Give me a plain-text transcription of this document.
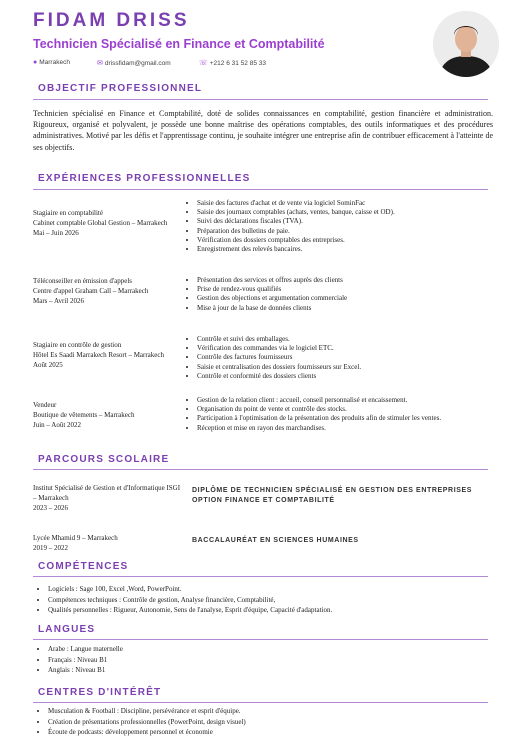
FIDAM DRISS
Technicien Spécialisé en Finance et Comptabilité
● Marrakech	✉ drissfidam@gmail.com	☏ +212 6 31 52 85 33
OBJECTIF PROFESSIONNEL
Technicien spécialisé en Finance et Comptabilité, doté de solides connaissances en comptabilité, gestion financière et administration. Rigoureux, organisé et polyvalent, je possède une bonne maîtrise des opérations comptables, des outils informatiques et des procédures administratives. Motivé par les défis et l'apprentissage continu, je souhaite intégrer une entreprise afin de contribuer efficacement à l'atteinte de ses objectifs.
EXPÉRIENCES PROFESSIONNELLES
Stagiaire en comptabilité
Cabinet comptable Global Gestion – Marrakech
Mai – Juin 2026
• Saisie des factures d'achat et de vente via logiciel SominFac
• Saisie des journaux comptables (achats, ventes, banque, caisse et OD).
• Suivi des déclarations fiscales (TVA).
• Préparation des bulletins de paie.
• Vérification des dossiers comptables des entreprises.
• Enregistrement des relevés bancaires.
Téléconseiller en émission d'appels
Centre d'appel Graham Call – Marrakech
Mars – Avril 2026
• Présentation des services et offres auprès des clients
• Prise de rendez-vous qualifiés
• Gestion des objections et argumentation commerciale
• Mise à jour de la base de données clients
Stagiaire en contrôle de gestion
Hôtel Es Saadi Marrakech Resort – Marrakech
Août 2025
• Contrôle et suivi des emballages.
• Vérification des commandes via le logiciel ETC.
• Contrôle des factures fournisseurs
• Saisie et centralisation des dossiers fournisseurs sur Excel.
• Contrôle et conformité des dossiers clients
Vendeur
Boutique de vêtements – Marrakech
Juin – Août 2022
• Gestion de la relation client : accueil, conseil personnalisé et encaissement.
• Organisation du point de vente et contrôle des stocks.
• Participation à l'optimisation de la présentation des produits afin de stimuler les ventes.
• Réception et mise en rayon des marchandises.
PARCOURS SCOLAIRE
Institut Spécialisé de Gestion et d'Informatique ISGI – Marrakech
2023 – 2026
DIPLÔME DE TECHNICIEN SPÉCIALISÉ EN GESTION DES ENTREPRISES OPTION FINANCE ET COMPTABILITÉ
Lycée Mhamid 9 – Marrakech
2019 – 2022
BACCALAURÉAT EN SCIENCES HUMAINES
COMPÉTENCES
• Logiciels : Sage 100, Excel ,Word, PowerPoint.
• Compétences techniques : Contrôle de gestion, Analyse financière, Comptabilité,
• Qualités personnelles : Rigueur, Autonomie, Sens de l'analyse, Esprit d'équipe, Capacité d'adaptation.
LANGUES
• Arabe : Langue maternelle
• Français : Niveau B1
• Anglais : Niveau B1
CENTRES D'INTÉRÊT
• Musculation & Football : Discipline, persévérance et esprit d'équipe.
• Création de présentations professionnelles (PowerPoint, design visuel)
• Écoute de podcasts: développement personnel et économie
